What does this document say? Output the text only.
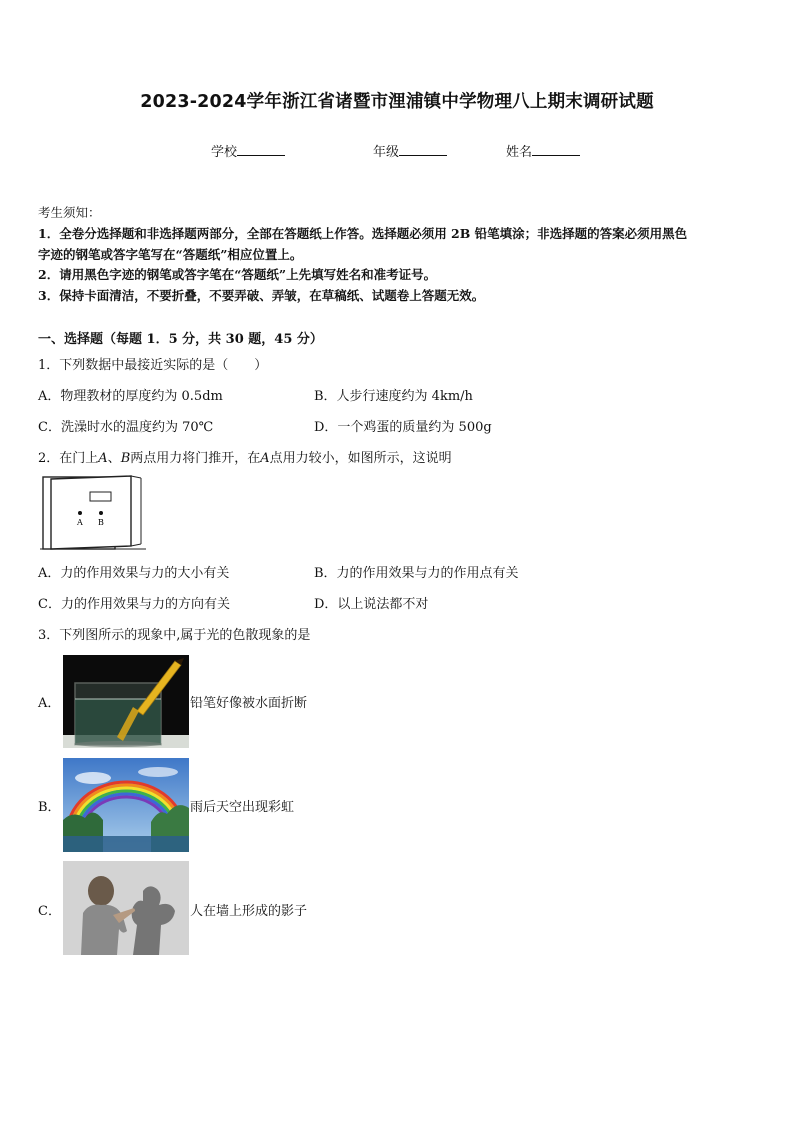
2023-2024学年浙江省诸暨市浬浦镇中学物理八上期末调研试题
学校	年级	姓名
考生须知：
1．全卷分选择题和非选择题两部分，全部在答题纸上作答。选择题必须用 2B 铅笔填涂；非选择题的答案必须用黑色
字迹的钢笔或答字笔写在“答题纸”相应位置上。
2．请用黑色字迹的钢笔或答字笔在“答题纸”上先填写姓名和准考证号。
3．保持卡面清洁，不要折叠，不要弄破、弄皱，在草稿纸、试题卷上答题无效。
一、选择题（每题 1．5 分，共 30 题，45 分）
1．下列数据中最接近实际的是（　　）
A．物理教材的厚度约为 0.5dm	B．人步行速度约为 4km/h
C．洗澡时水的温度约为 70℃	D．一个鸡蛋的质量约为 500g
2．在门上A、B两点用力将门推开，在A点用力较小，如图所示，这说明
A B
A．力的作用效果与力的大小有关	B．力的作用效果与力的作用点有关
C．力的作用效果与力的方向有关	D．以上说法都不对
3．下列图所示的现象中,属于光的色散现象的是
A．	铅笔好像被水面折断
B．	雨后天空出现彩虹
C．	人在墙上形成的影子
